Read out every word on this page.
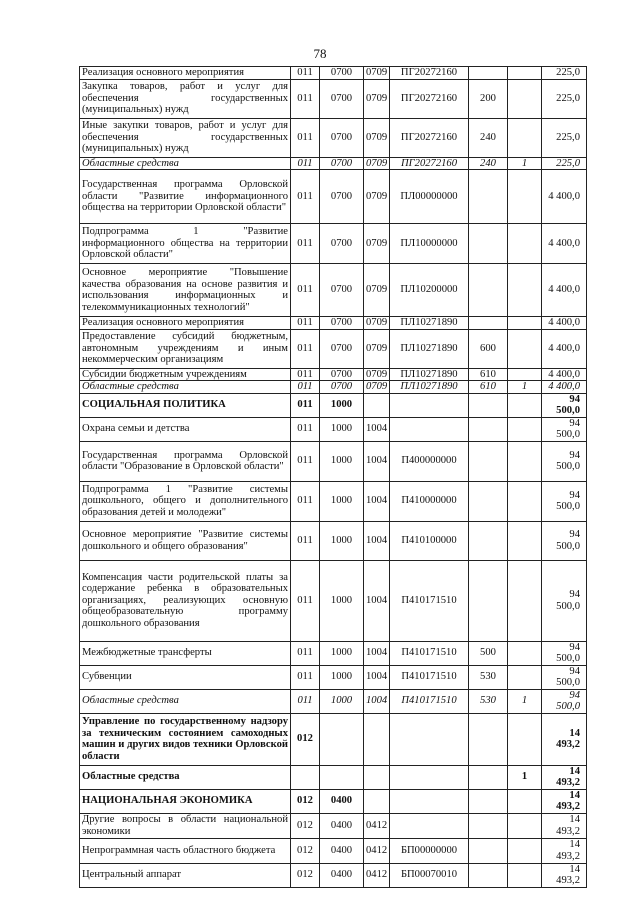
78
Реализация основного мероприятия	011	0700	0709	ПГ20272160			225,0
Закупка товаров, работ и услуг для обеспечения государственных (муниципальных) нужд	011	0700	0709	ПГ20272160	200		225,0
Иные закупки товаров, работ и услуг для обеспечения государственных (муниципальных) нужд	011	0700	0709	ПГ20272160	240		225,0
Областные средства	011	0700	0709	ПГ20272160	240	1	225,0
Государственная программа Орловской области "Развитие информационного общества на территории Орловской области"	011	0700	0709	ПЛ00000000			4 400,0
Подпрограмма 1 "Развитие информационного общества на территории Орловской области"	011	0700	0709	ПЛ10000000			4 400,0
Основное мероприятие "Повышение качества образования на основе развития и использования информационных и телекоммуникационных технологий"	011	0700	0709	ПЛ10200000			4 400,0
Реализация основного мероприятия	011	0700	0709	ПЛ10271890			4 400,0
Предоставление субсидий бюджетным, автономным учреждениям и иным некоммерческим организациям	011	0700	0709	ПЛ10271890	600		4 400,0
Субсидии бюджетным учреждениям	011	0700	0709	ПЛ10271890	610		4 400,0
Областные средства	011	0700	0709	ПЛ10271890	610	1	4 400,0
СОЦИАЛЬНАЯ ПОЛИТИКА	011	1000					94 500,0
Охрана семьи и детства	011	1000	1004				94 500,0
Государственная программа Орловской области "Образование в Орловской области"	011	1000	1004	П400000000			94 500,0
Подпрограмма 1 "Развитие системы дошкольного, общего и дополнительного образования детей и молодежи"	011	1000	1004	П410000000			94 500,0
Основное мероприятие "Развитие системы дошкольного и общего образования"	011	1000	1004	П410100000			94 500,0
Компенсация части родительской платы за содержание ребенка в образовательных организациях, реализующих основную общеобразовательную программу дошкольного образования	011	1000	1004	П410171510			94 500,0
Межбюджетные трансферты	011	1000	1004	П410171510	500		94 500,0
Субвенции	011	1000	1004	П410171510	530		94 500,0
Областные средства	011	1000	1004	П410171510	530	1	94 500,0
Управление по государственному надзору за техническим состоянием самоходных машин и других видов техники Орловской области	012						14 493,2
Областные средства						1	14 493,2
НАЦИОНАЛЬНАЯ ЭКОНОМИКА	012	0400					14 493,2
Другие вопросы в области национальной экономики	012	0400	0412				14 493,2
Непрограммная часть областного бюджета	012	0400	0412	БП00000000			14 493,2
Центральный аппарат	012	0400	0412	БП00070010			14 493,2
